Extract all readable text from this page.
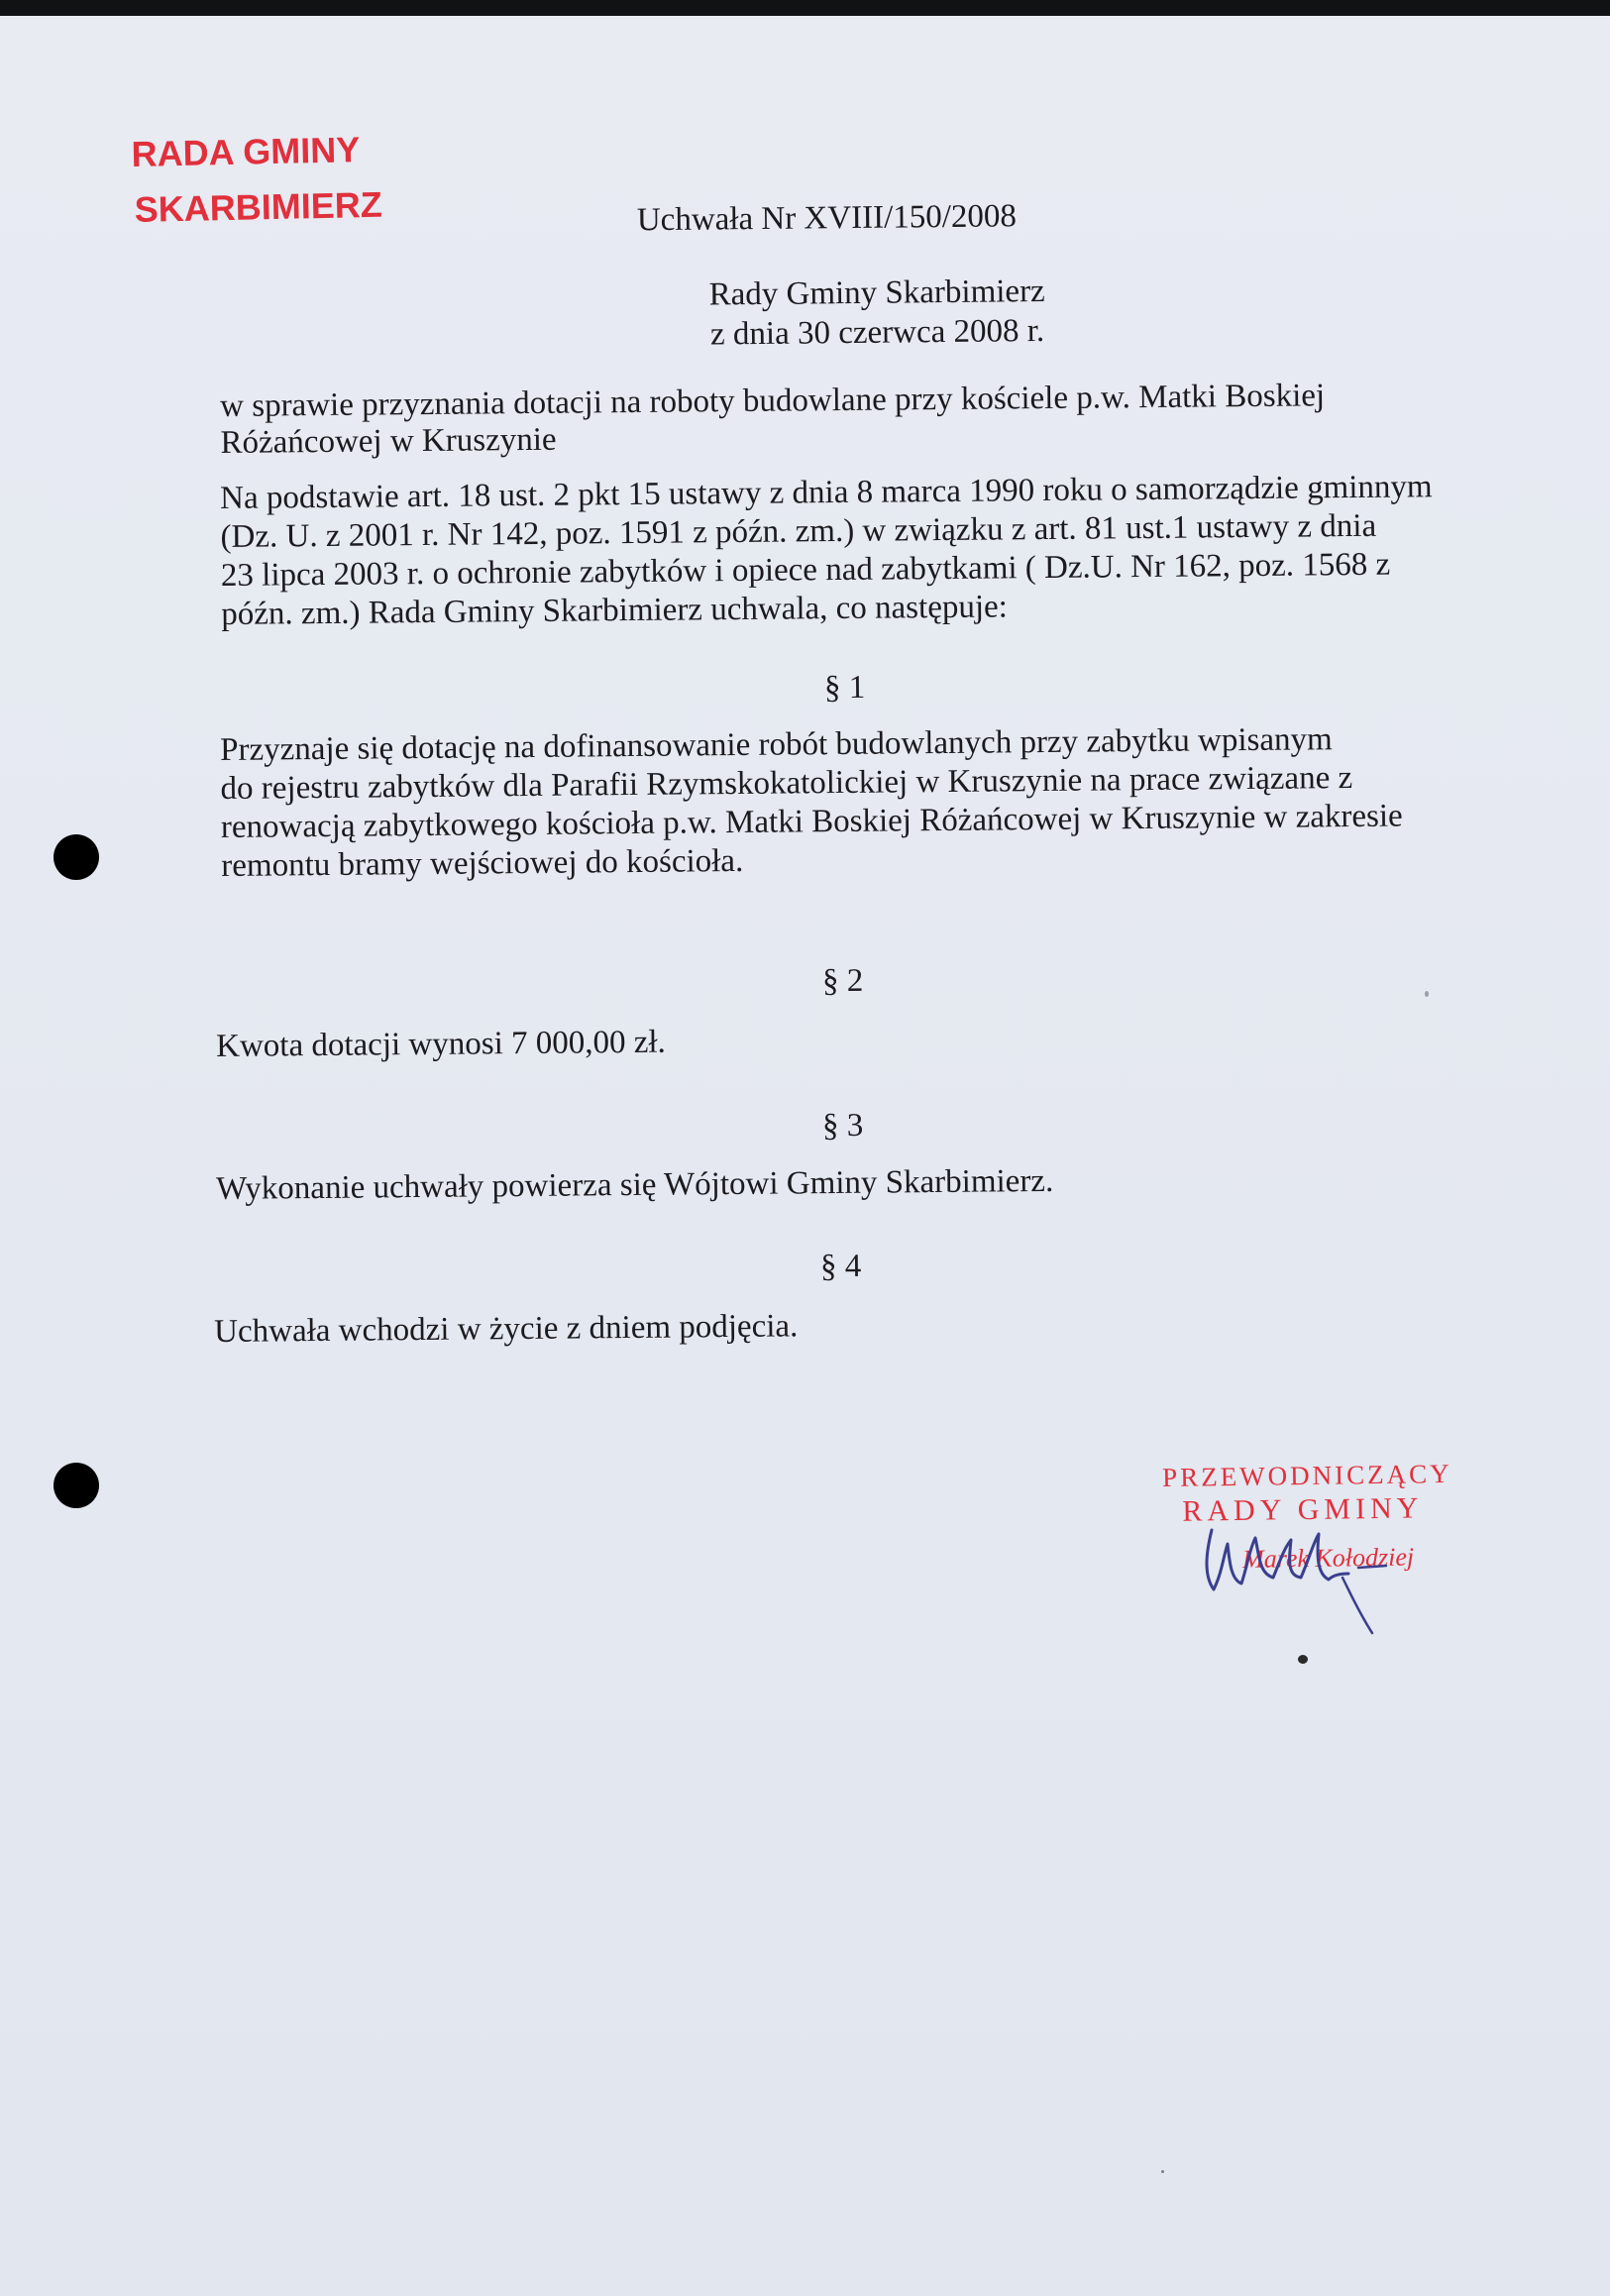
RADA GMINY
SKARBIMIERZ	Uchwała Nr XVIII/150/2008
Rady Gminy Skarbimierz
z dnia 30 czerwca 2008 r.
w sprawie przyznania dotacji na roboty budowlane przy kościele p.w. Matki Boskiej
Różańcowej w Kruszynie
Na podstawie art. 18 ust. 2 pkt 15 ustawy z dnia 8 marca 1990 roku o samorządzie gminnym
(Dz. U. z 2001 r. Nr 142, poz. 1591 z późn. zm.) w związku z art. 81 ust.1 ustawy z dnia
23 lipca 2003 r. o ochronie zabytków i opiece nad zabytkami ( Dz.U. Nr 162, poz. 1568 z
późn. zm.) Rada Gminy Skarbimierz uchwala, co następuje:
§ 1
Przyznaje się dotację na dofinansowanie robót budowlanych przy zabytku wpisanym
do rejestru zabytków dla Parafii Rzymskokatolickiej w Kruszynie na prace związane z
renowacją zabytkowego kościoła p.w. Matki Boskiej Różańcowej w Kruszynie w zakresie
remontu bramy wejściowej do kościoła.
§ 2
Kwota dotacji wynosi 7 000,00 zł.
§ 3
Wykonanie uchwały powierza się Wójtowi Gminy Skarbimierz.
§ 4
Uchwała wchodzi w życie z dniem podjęcia.
PRZEWODNICZĄCY
RADY GMINY
Marek Kołodziej
